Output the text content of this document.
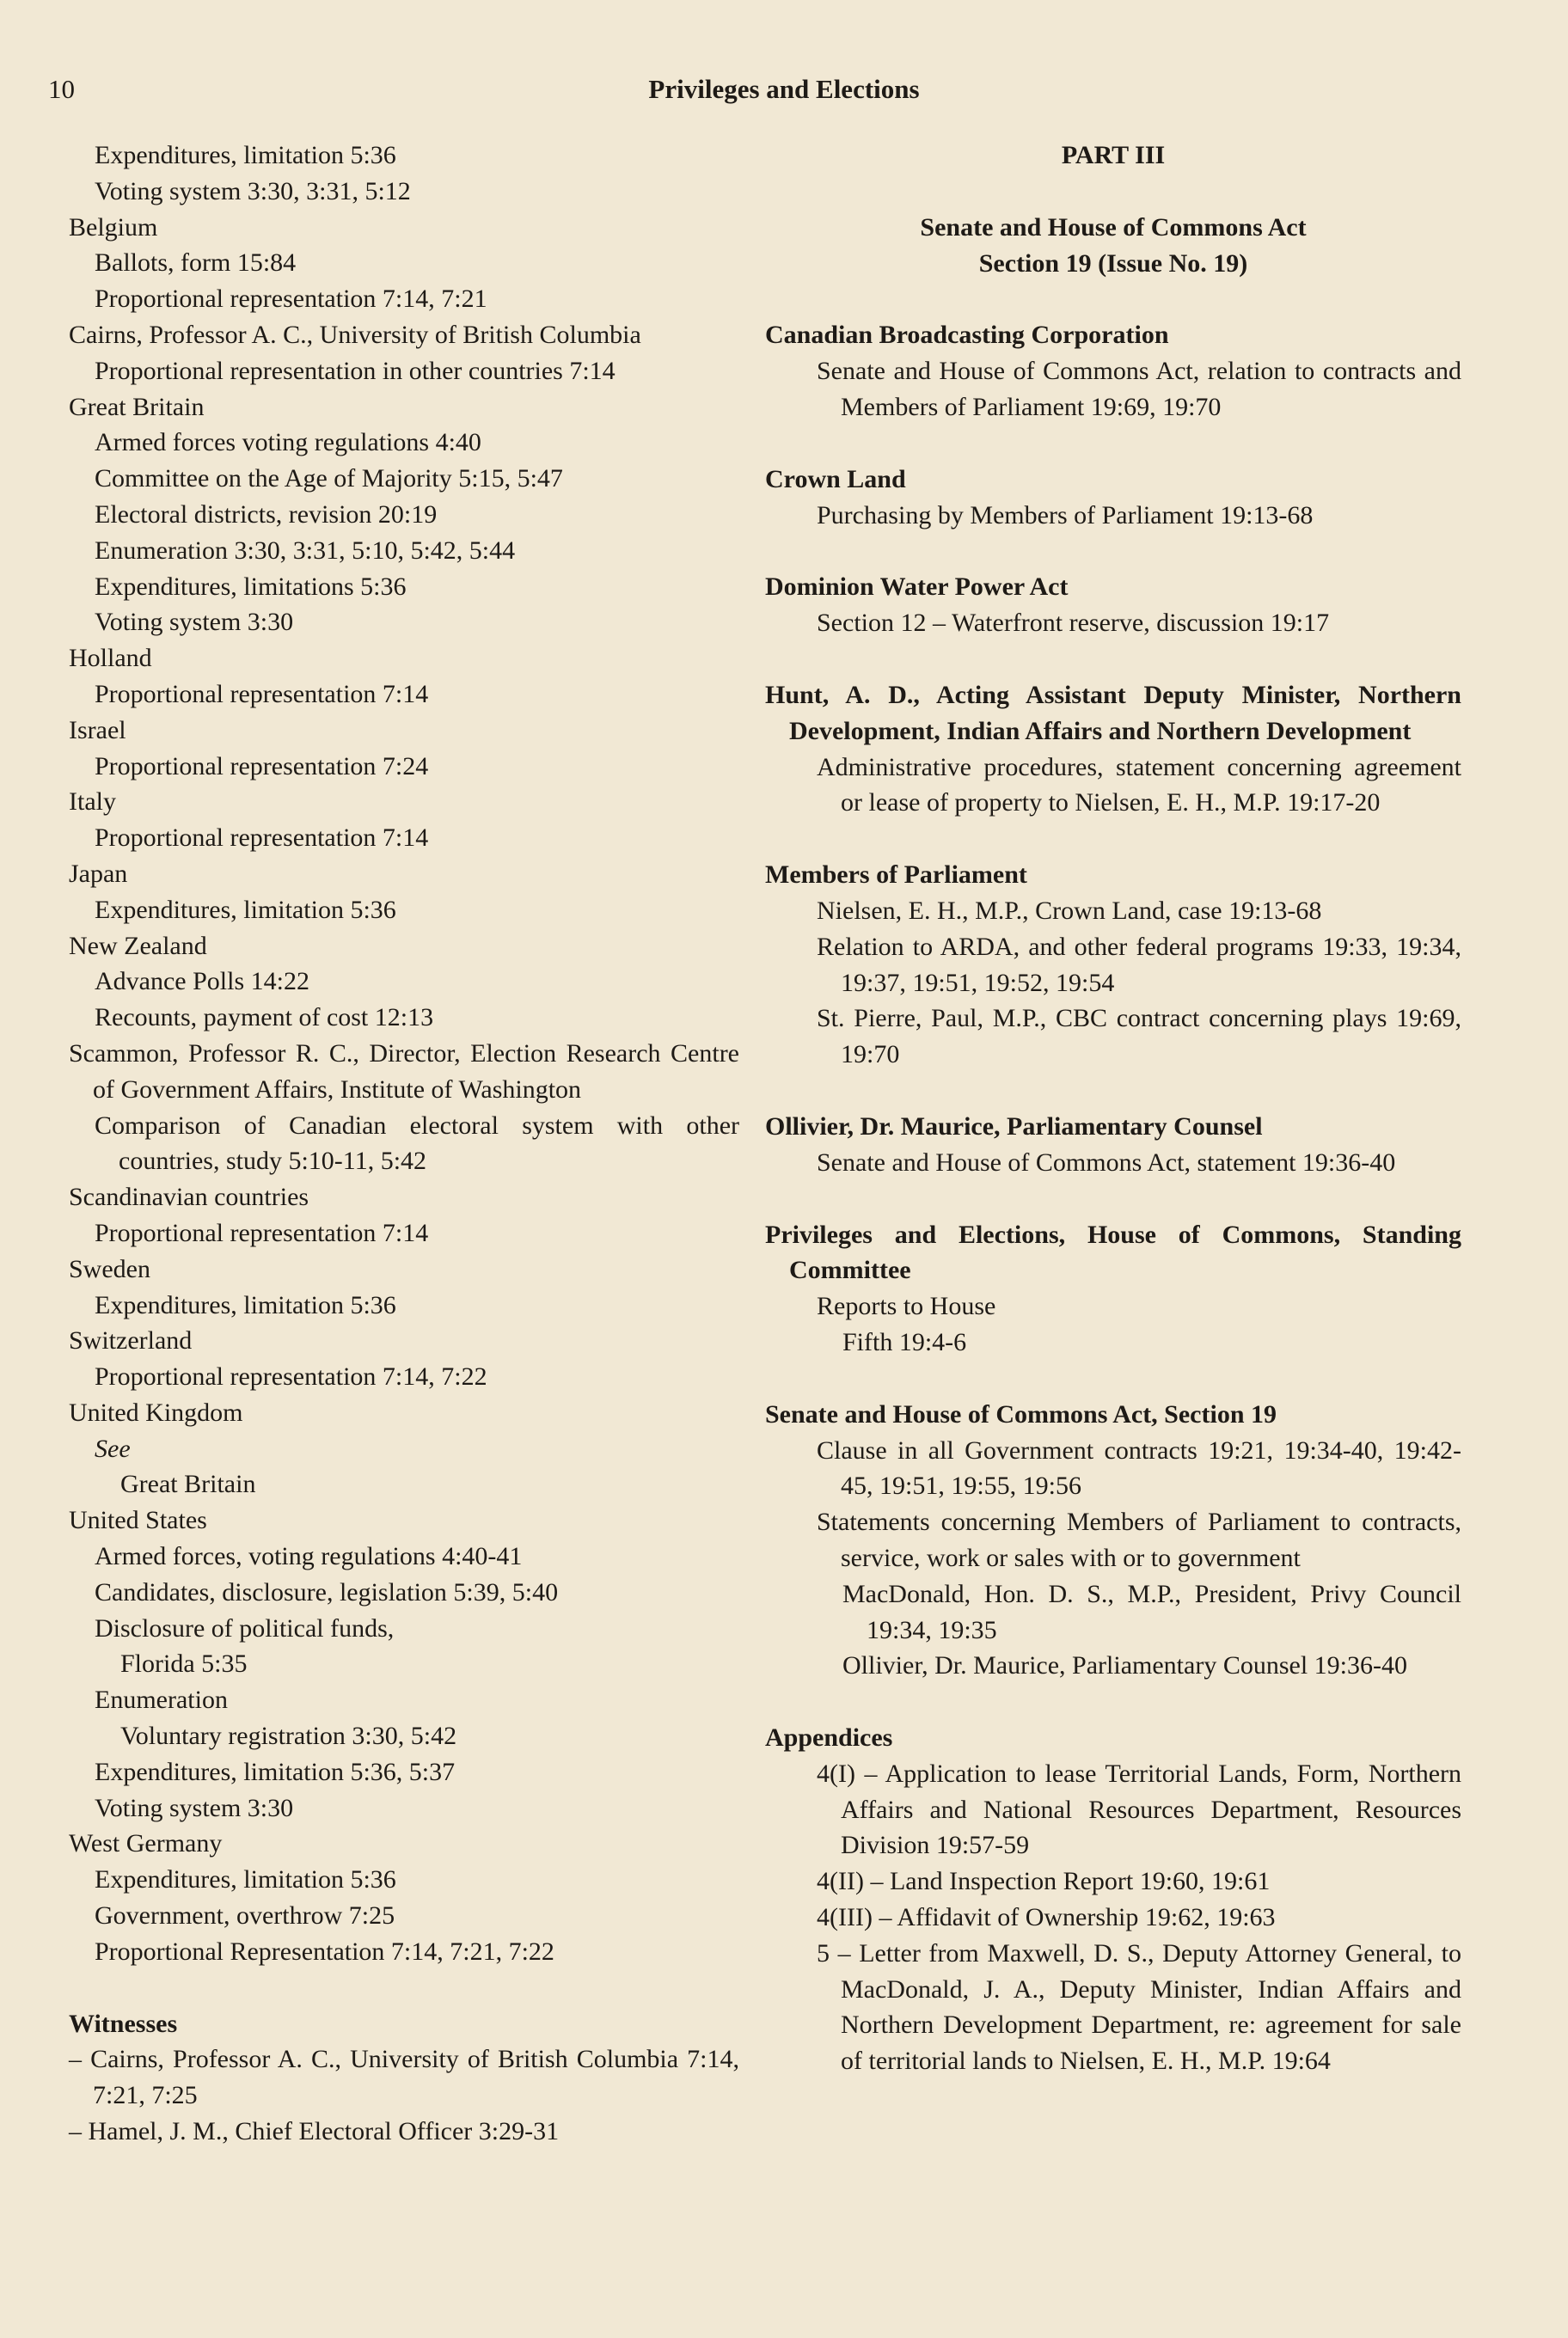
10	Privileges and Elections
Expenditures, limitation 5:36
Voting system 3:30, 3:31, 5:12
Belgium
Ballots, form 15:84
Proportional representation 7:14, 7:21
Cairns, Professor A. C., University of British Columbia
Proportional representation in other countries 7:14
Great Britain
Armed forces voting regulations 4:40
Committee on the Age of Majority 5:15, 5:47
Electoral districts, revision 20:19
Enumeration 3:30, 3:31, 5:10, 5:42, 5:44
Expenditures, limitations 5:36
Voting system 3:30
Holland
Proportional representation 7:14
Israel
Proportional representation 7:24
Italy
Proportional representation 7:14
Japan
Expenditures, limitation 5:36
New Zealand
Advance Polls 14:22
Recounts, payment of cost 12:13
Scammon, Professor R. C., Director, Election Research Centre of Government Affairs, Institute of Washington
Comparison of Canadian electoral system with other countries, study 5:10-11, 5:42
Scandinavian countries
Proportional representation 7:14
Sweden
Expenditures, limitation 5:36
Switzerland
Proportional representation 7:14, 7:22
United Kingdom
See
Great Britain
United States
Armed forces, voting regulations 4:40-41
Candidates, disclosure, legislation 5:39, 5:40
Disclosure of political funds,
Florida 5:35
Enumeration
Voluntary registration 3:30, 5:42
Expenditures, limitation 5:36, 5:37
Voting system 3:30
West Germany
Expenditures, limitation 5:36
Government, overthrow 7:25
Proportional Representation 7:14, 7:21, 7:22
Witnesses
– Cairns, Professor A. C., University of British Columbia 7:14, 7:21, 7:25
– Hamel, J. M., Chief Electoral Officer 3:29-31
PART III
Senate and House of Commons Act
Section 19 (Issue No. 19)
Canadian Broadcasting Corporation
Senate and House of Commons Act, relation to contracts and Members of Parliament 19:69, 19:70
Crown Land
Purchasing by Members of Parliament 19:13-68
Dominion Water Power Act
Section 12 – Waterfront reserve, discussion 19:17
Hunt, A. D., Acting Assistant Deputy Minister, Northern Development, Indian Affairs and Northern Development
Administrative procedures, statement concerning agreement or lease of property to Nielsen, E. H., M.P. 19:17-20
Members of Parliament
Nielsen, E. H., M.P., Crown Land, case 19:13-68
Relation to ARDA, and other federal programs 19:33, 19:34, 19:37, 19:51, 19:52, 19:54
St. Pierre, Paul, M.P., CBC contract concerning plays 19:69, 19:70
Ollivier, Dr. Maurice, Parliamentary Counsel
Senate and House of Commons Act, statement 19:36-40
Privileges and Elections, House of Commons, Standing Committee
Reports to House
Fifth 19:4-6
Senate and House of Commons Act, Section 19
Clause in all Government contracts 19:21, 19:34-40, 19:42-45, 19:51, 19:55, 19:56
Statements concerning Members of Parliament to contracts, service, work or sales with or to government
MacDonald, Hon. D. S., M.P., President, Privy Council 19:34, 19:35
Ollivier, Dr. Maurice, Parliamentary Counsel 19:36-40
Appendices
4(I) – Application to lease Territorial Lands, Form, Northern Affairs and National Resources Department, Resources Division 19:57-59
4(II) – Land Inspection Report 19:60, 19:61
4(III) – Affidavit of Ownership 19:62, 19:63
5 – Letter from Maxwell, D. S., Deputy Attorney General, to MacDonald, J. A., Deputy Minister, Indian Affairs and Northern Development Department, re: agreement for sale of territorial lands to Nielsen, E. H., M.P. 19:64
